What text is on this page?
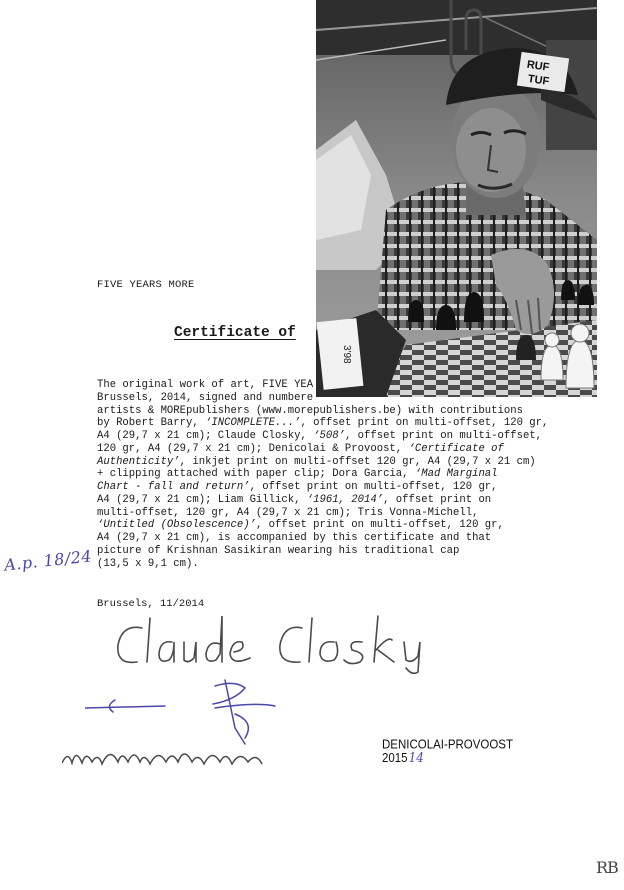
FIVE YEARS MORE
Certificate of

The original work of art, FIVE YEA

Brussels, 2014, signed and numbere

artists & MOREpublishers (www.morepublishers.be) with contributions

by Robert Barry, ‘INCOMPLETE...’, offset print on multi-offset, 120 gr,

A4 (29,7 x 21 cm); Claude Closky, ‘508’, offset print on multi-offset,

120 gr, A4 (29,7 x 21 cm); Denicolai & Provoost, ‘Certificate of

Authenticity’, inkjet print on multi-offset 120 gr, A4 (29,7 x 21 cm)

+ clipping attached with paper clip; Dora Garcia, ‘Mad Marginal

Chart - fall and return’, offset print on multi-offset, 120 gr,

A4 (29,7 x 21 cm); Liam Gillick, ‘1961, 2014’, offset print on

multi-offset, 120 gr, A4 (29,7 x 21 cm); Tris Vonna-Michell,

‘Untitled (Obsolescence)’, offset print on multi-offset, 120 gr,

A4 (29,7 x 21 cm), is accompanied by this certificate and that

picture of Krishnan Sasikiran wearing his traditional cap

(13,5 x 9,1 cm).

Brussels, 11/2014
A.p. 18/24
RUF
TUF
3'98
DENICOLAI-PROVOOST
201514
RB
